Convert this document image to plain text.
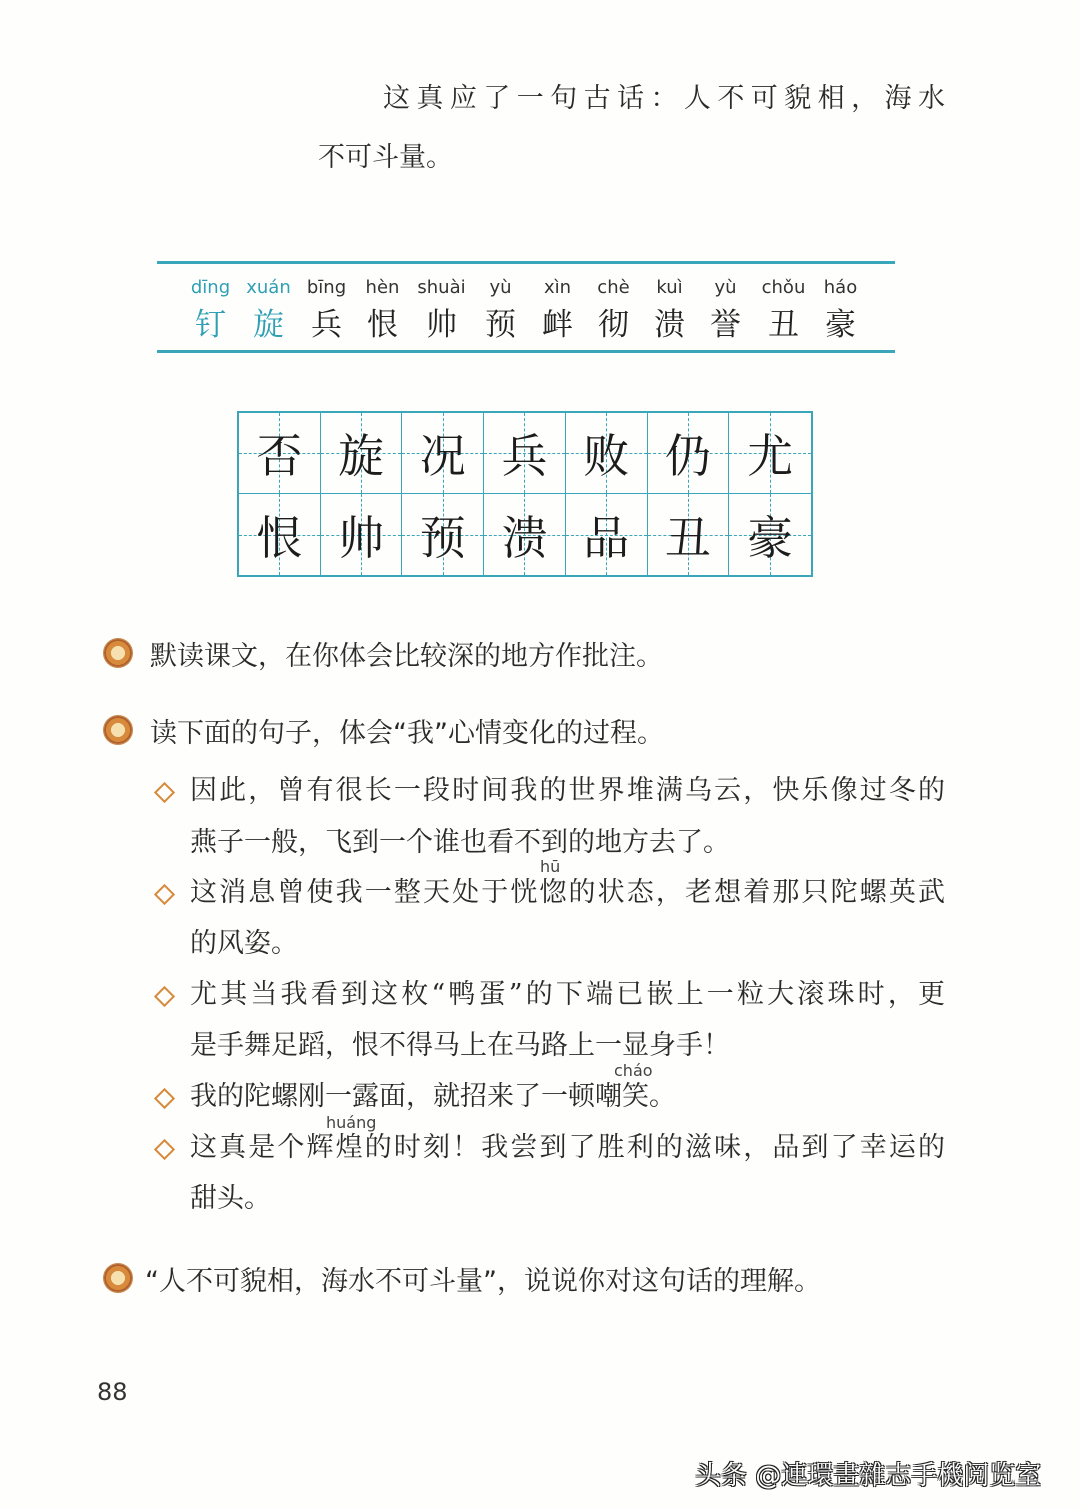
这真应了一句古话：人不可貌相，海水
不可斗量。
dīng
钉
xuán
旋
bīng
兵
hèn
恨
shuài
帅
yù
预
xìn
衅
chè
彻
kuì
溃
yù
誉
chǒu
丑
háo
豪
否 旋 况 兵 败 仍 尤
恨 帅 预 溃 品 丑 豪
默读课文，在你体会比较深的地方作批注。
读下面的句子，体会“我”心情变化的过程。
因此，曾有很长一段时间我的世界堆满乌云，快乐像过冬的
燕子一般，飞到一个谁也看不到的地方去了。
hū
这消息曾使我一整天处于恍惚的状态，老想着那只陀螺英武
的风姿。
尤其当我看到这枚“鸭蛋”的下端已嵌上一粒大滚珠时，更
是手舞足蹈，恨不得马上在马路上一显身手！
cháo
我的陀螺刚一露面，就招来了一顿嘲笑。
huáng
这真是个辉煌的时刻！我尝到了胜利的滋味，品到了幸运的
甜头。
“人不可貌相，海水不可斗量”，说说你对这句话的理解。
88
头条 @連環畫雜志手機阅览室
